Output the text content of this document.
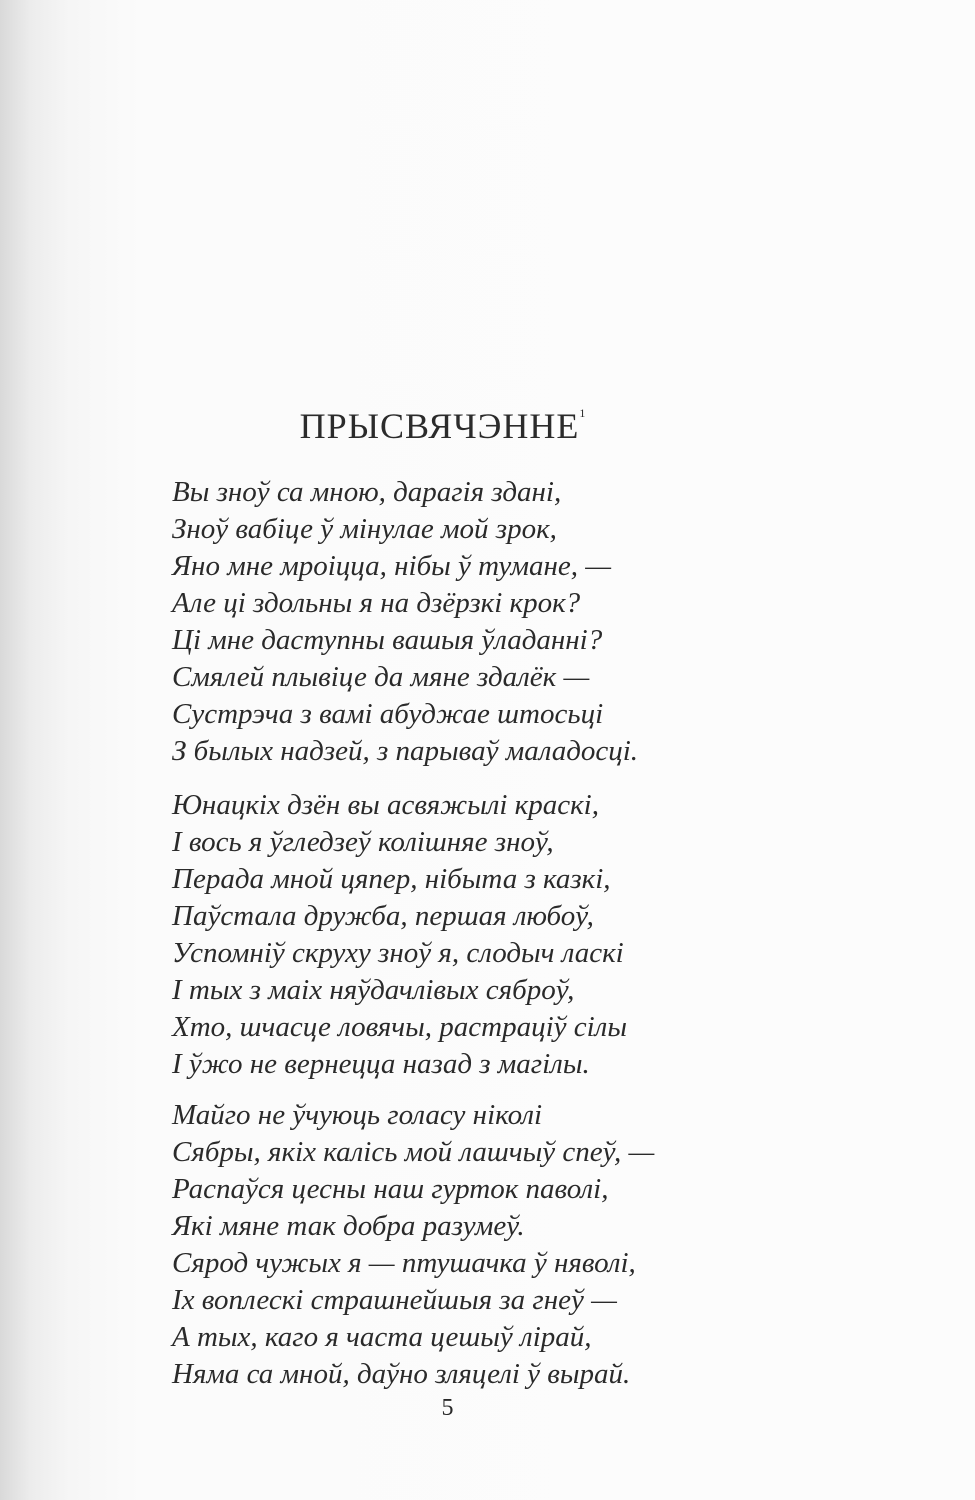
ПРЫСВЯЧЭННЕ$^1$
Вы зноў са мною, дарагія здані,
Зноў вабіце ў мінулае мой зрок,
Яно мне мроіцца, нібы ў тумане, —
Але ці здольны я на дзёрзкі крок?
Ці мне даступны вашыя ўладанні?
Смялей плывіце да мяне здалёк —
Сустрэча з вамі абуджае штосьці
З былых надзей, з парываў маладосці.
Юнацкіх дзён вы асвяжылі краскі,
І вось я ўгледзеў колішняе зноў,
Перада мной цяпер, нібыта з казкі,
Паўстала дружба, першая любоў,
Успомніў скруху зноў я, слодыч ласкі
І тых з маіх няўдачлівых сяброў,
Хто, шчасце ловячы, растраціў сілы
І ўжо не вернецца назад з магілы.
Майго не ўчуюць голасу ніколі
Сябры, якіх калісь мой лашчыў спеў, —
Распаўся цесны наш гурток паволі,
Які мяне так добра разумеў.
Сярод чужых я — птушачка ў няволі,
Іх воплескі страшнейшыя за гнеў —
А тых, каго я часта цешыў лірай,
Няма са мной, даўно зляцелі ў вырай.
5
